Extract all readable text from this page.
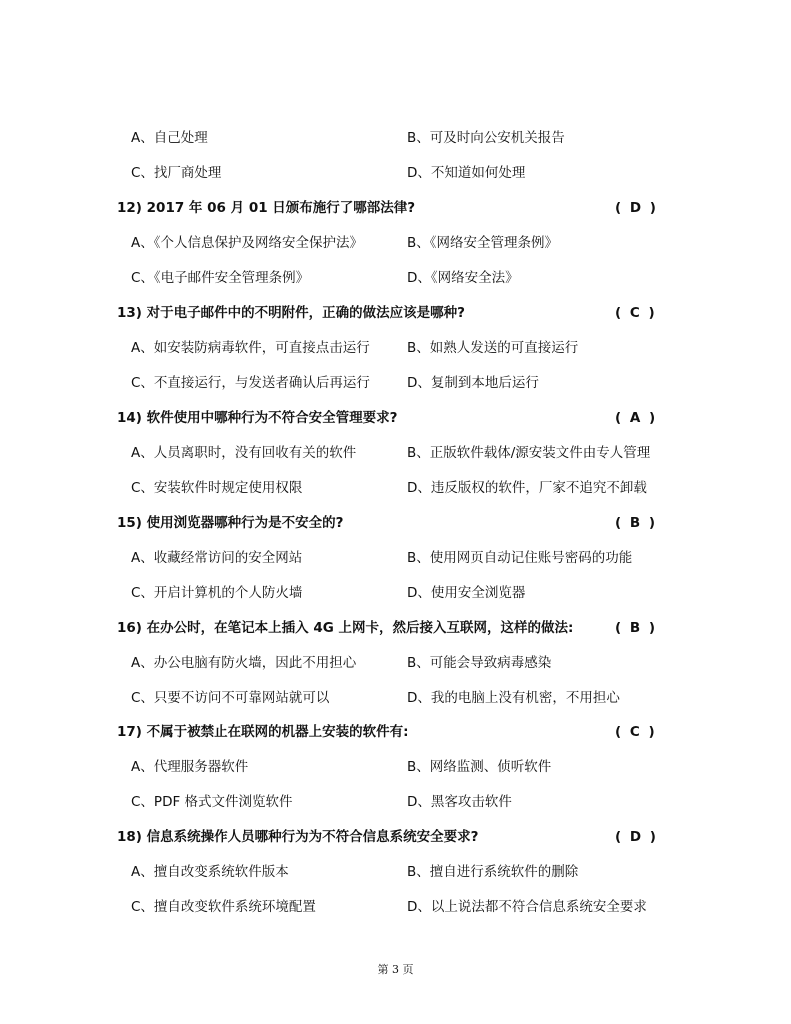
A、自己处理	B、可及时向公安机关报告
C、找厂商处理	D、不知道如何处理
12) 2017 年 06 月 01 日颁布施行了哪部法律?	( D )
A、《个人信息保护及网络安全保护法》	B、《网络安全管理条例》
C、《电子邮件安全管理条例》	D、《网络安全法》
13) 对于电子邮件中的不明附件，正确的做法应该是哪种?	( C )
A、如安装防病毒软件，可直接点击运行	B、如熟人发送的可直接运行
C、不直接运行，与发送者确认后再运行	D、复制到本地后运行
14) 软件使用中哪种行为不符合安全管理要求?	( A )
A、人员离职时，没有回收有关的软件	B、正版软件载体/源安装文件由专人管理
C、安装软件时规定使用权限	D、违反版权的软件，厂家不追究不卸载
15) 使用浏览器哪种行为是不安全的?	( B )
A、收藏经常访问的安全网站	B、使用网页自动记住账号密码的功能
C、开启计算机的个人防火墙	D、使用安全浏览器
16) 在办公时，在笔记本上插入 4G 上网卡，然后接入互联网，这样的做法:	( B )
A、办公电脑有防火墙，因此不用担心	B、可能会导致病毒感染
C、只要不访问不可靠网站就可以	D、我的电脑上没有机密，不用担心
17) 不属于被禁止在联网的机器上安装的软件有:	( C )
A、代理服务器软件	B、网络监测、侦听软件
C、PDF 格式文件浏览软件	D、黑客攻击软件
18) 信息系统操作人员哪种行为为不符合信息系统安全要求?	( D )
A、擅自改变系统软件版本	B、擅自进行系统软件的删除
C、擅自改变软件系统环境配置	D、以上说法都不符合信息系统安全要求
第 3 页
